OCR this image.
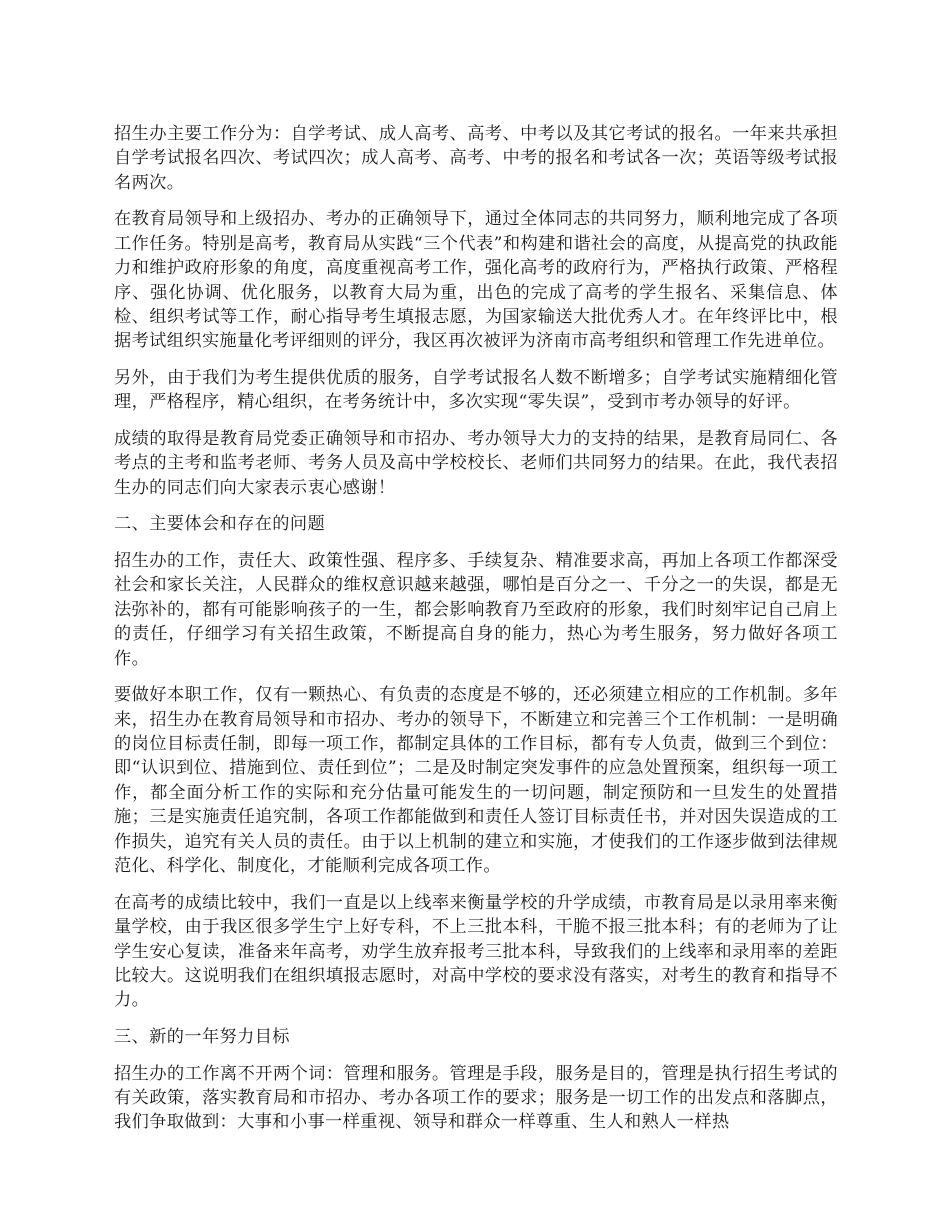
招生办主要工作分为：自学考试、成人高考、高考、中考以及其它考试的报名。一年来共承担自学考试报名四次、考试四次；成人高考、高考、中考的报名和考试各一次；英语等级考试报名两次。

在教育局领导和上级招办、考办的正确领导下，通过全体同志的共同努力，顺利地完成了各项工作任务。特别是高考，教育局从实践“三个代表”和构建和谐社会的高度，从提高党的执政能力和维护政府形象的角度，高度重视高考工作，强化高考的政府行为，严格执行政策、严格程序、强化协调、优化服务，以教育大局为重，出色的完成了高考的学生报名、采集信息、体检、组织考试等工作，耐心指导考生填报志愿，为国家输送大批优秀人才。在年终评比中，根据考试组织实施量化考评细则的评分，我区再次被评为济南市高考组织和管理工作先进单位。

另外，由于我们为考生提供优质的服务，自学考试报名人数不断增多；自学考试实施精细化管理，严格程序，精心组织，在考务统计中，多次实现“零失误”，受到市考办领导的好评。

成绩的取得是教育局党委正确领导和市招办、考办领导大力的支持的结果，是教育局同仁、各考点的主考和监考老师、考务人员及高中学校校长、老师们共同努力的结果。在此，我代表招生办的同志们向大家表示衷心感谢！

二、主要体会和存在的问题

招生办的工作，责任大、政策性强、程序多、手续复杂、精准要求高，再加上各项工作都深受社会和家长关注，人民群众的维权意识越来越强，哪怕是百分之一、千分之一的失误，都是无法弥补的，都有可能影响孩子的一生，都会影响教育乃至政府的形象，我们时刻牢记自己肩上的责任，仔细学习有关招生政策，不断提高自身的能力，热心为考生服务，努力做好各项工作。

要做好本职工作，仅有一颗热心、有负责的态度是不够的，还必须建立相应的工作机制。多年来，招生办在教育局领导和市招办、考办的领导下，不断建立和完善三个工作机制：一是明确的岗位目标责任制，即每一项工作，都制定具体的工作目标，都有专人负责，做到三个到位：即“认识到位、措施到位、责任到位”；二是及时制定突发事件的应急处置预案，组织每一项工作，都全面分析工作的实际和充分估量可能发生的一切问题，制定预防和一旦发生的处置措施；三是实施责任追究制，各项工作都能做到和责任人签订目标责任书，并对因失误造成的工作损失，追究有关人员的责任。由于以上机制的建立和实施，才使我们的工作逐步做到法律规范化、科学化、制度化，才能顺利完成各项工作。

在高考的成绩比较中，我们一直是以上线率来衡量学校的升学成绩，市教育局是以录用率来衡量学校，由于我区很多学生宁上好专科，不上三批本科，干脆不报三批本科；有的老师为了让学生安心复读，准备来年高考，劝学生放弃报考三批本科，导致我们的上线率和录用率的差距比较大。这说明我们在组织填报志愿时，对高中学校的要求没有落实，对考生的教育和指导不力。

三、新的一年努力目标

招生办的工作离不开两个词：管理和服务。管理是手段，服务是目的，管理是执行招生考试的有关政策，落实教育局和市招办、考办各项工作的要求；服务是一切工作的出发点和落脚点，我们争取做到：大事和小事一样重视、领导和群众一样尊重、生人和熟人一样热
